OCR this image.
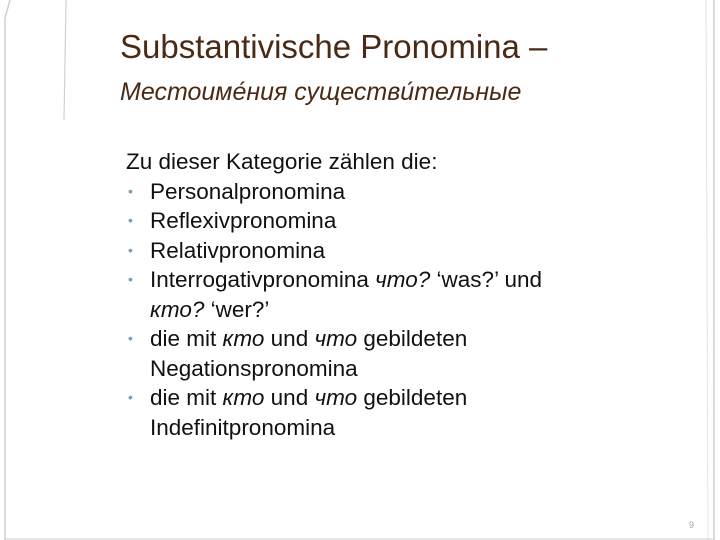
Substantivische Pronomina –
Местоиме́ния существи́тельные

Zu dieser Kategorie zählen die:

• Personalpronomina
• Reflexivpronomina
• Relativpronomina
• Interrogativpronomina что? ‘was?’ und
кто? ‘wer?’
• die mit кто und что gebildeten
Negationspronomina
• die mit кто und что gebildeten
Indefinitpronomina
9
